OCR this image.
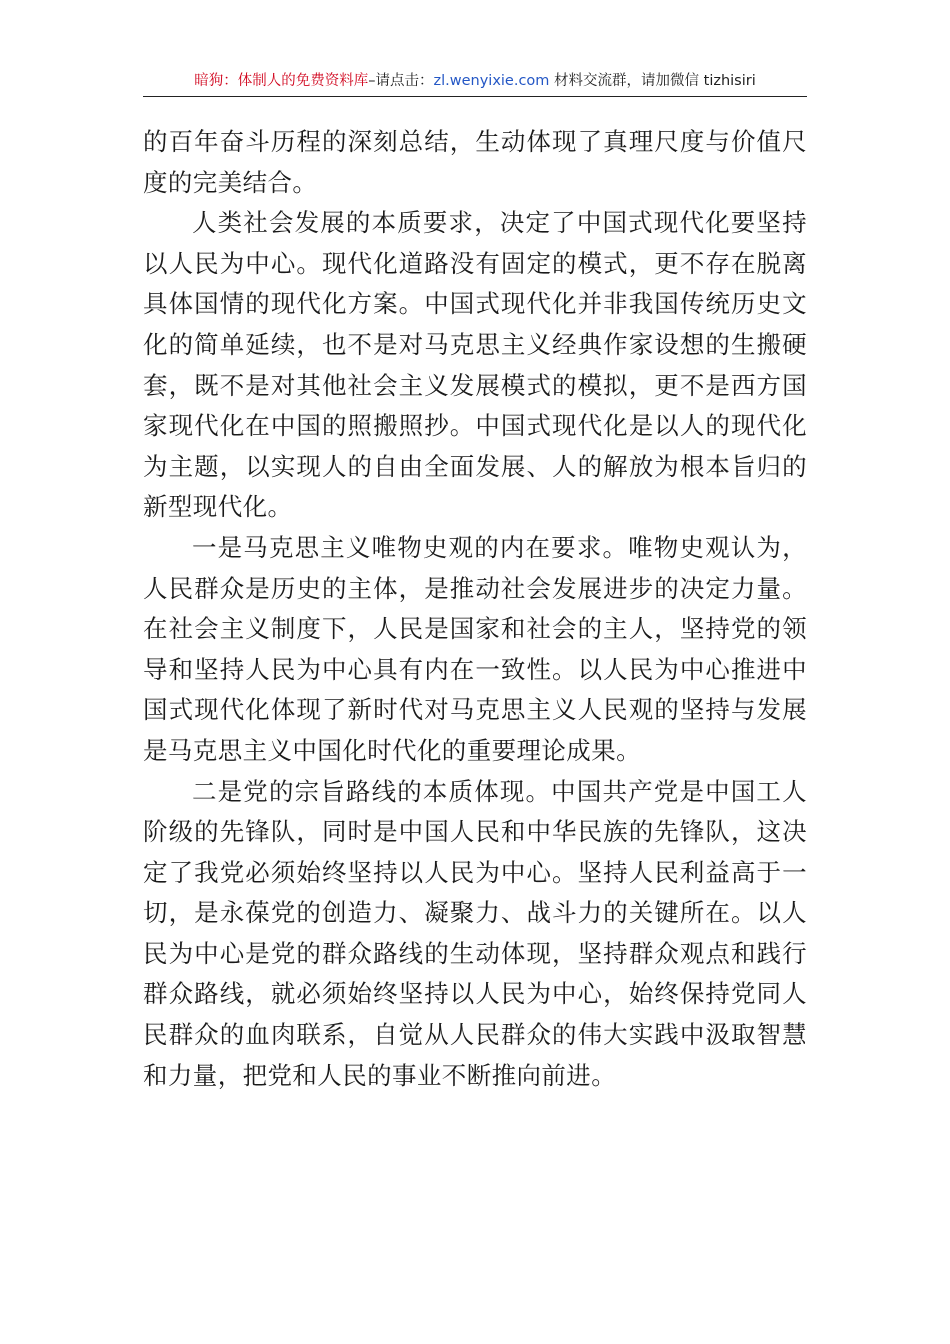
暗狗：体制人的免费资料库–请点击：zl.wenyixie.com 材料交流群，请加微信 tizhisiri

的百年奋斗历程的深刻总结，生动体现了真理尺度与价值尺度的完美结合。

人类社会发展的本质要求，决定了中国式现代化要坚持以人民为中心。现代化道路没有固定的模式，更不存在脱离具体国情的现代化方案。中国式现代化并非我国传统历史文化的简单延续，也不是对马克思主义经典作家设想的生搬硬套，既不是对其他社会主义发展模式的模拟，更不是西方国家现代化在中国的照搬照抄。中国式现代化是以人的现代化为主题，以实现人的自由全面发展、人的解放为根本旨归的新型现代化。

一是马克思主义唯物史观的内在要求。唯物史观认为，人民群众是历史的主体，是推动社会发展进步的决定力量。在社会主义制度下，人民是国家和社会的主人，坚持党的领导和坚持人民为中心具有内在一致性。以人民为中心推进中国式现代化体现了新时代对马克思主义人民观的坚持与发展是马克思主义中国化时代化的重要理论成果。

二是党的宗旨路线的本质体现。中国共产党是中国工人阶级的先锋队，同时是中国人民和中华民族的先锋队，这决定了我党必须始终坚持以人民为中心。坚持人民利益高于一切，是永葆党的创造力、凝聚力、战斗力的关键所在。以人民为中心是党的群众路线的生动体现，坚持群众观点和践行群众路线，就必须始终坚持以人民为中心，始终保持党同人民群众的血肉联系，自觉从人民群众的伟大实践中汲取智慧和力量，把党和人民的事业不断推向前进。
